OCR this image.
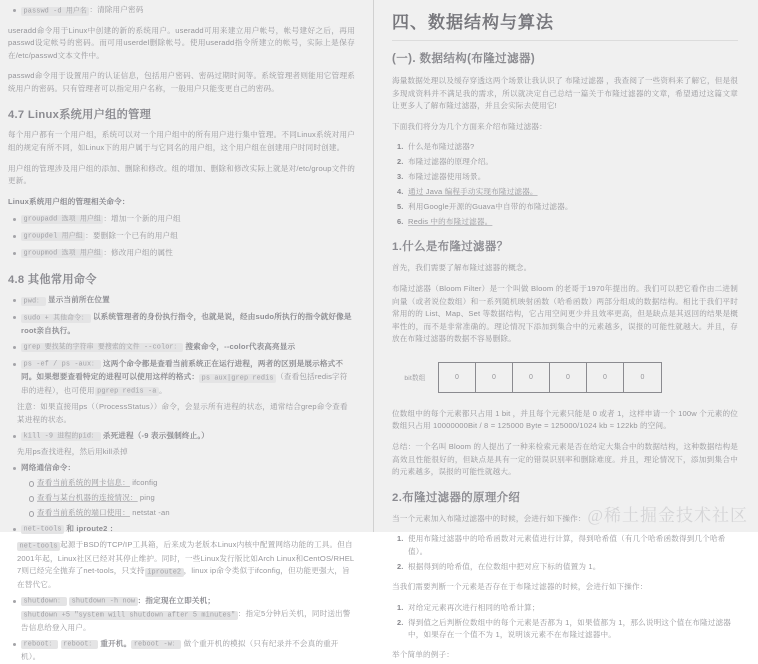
passwd -d 用户名 ：清除用户密码

useradd命令用于Linux中创建的新的系统用户。useradd可用来建立用户帐号，帐号建好之后，再用passwd设定帐号的密码。而可用userdel删除帐号。使用useradd指令所建立的帐号，实际上是保存在/etc/passwd文本文件中。

passwd命令用于设置用户的认证信息，包括用户密码、密码过期时间等。系统管理者则能用它管理系统用户的密码。只有管理者可以指定用户名称，一般用户只能变更自己的密码。

4.7 Linux系统用户组的管理

每个用户都有一个用户组，系统可以对一个用户组中的所有用户进行集中管理。不同Linux系统对用户组的规定有所不同，如Linux下的用户属于与它同名的用户组，这个用户组在创建用户时同时创建。

用户组的管理涉及用户组的添加、删除和修改。组的增加、删除和修改实际上就是对/etc/group文件的更新。

Linux系统用户组的管理相关命令：

groupadd 选项 用户组 ：增加一个新的用户组
groupdel 用户组 ：要删除一个已有的用户组
groupmod 选项 用户组 ：修改用户组的属性
4.8 其他常用命令
pwd： 显示当前所在位置
sudo + 其他命令： 以系统管理者的身份执行指令，也就是说，经由sudo所执行的指令就好像是root亲自执行。
grep 要找某的字符串 要搜索的文件 --color： 搜索命令，--color代表高亮显示
ps -ef / ps -aux： 这两个命令都是查看当前系统正在运行进程，两者的区别是展示格式不同。如果想要查看特定的进程可以使用这样的格式： ps aux|grep redis （查看包括redis字符串的进程），也可使用 pgrep redis -a 。
注意：如果直接用ps（（ProcessStatus））命令，会显示所有进程的状态，通常结合grep命令查看某进程的状态。
kill -9 进程的pid： 杀死进程（-9 表示强制终止。）
先用ps查找进程，然后用kill杀掉
网络通信命令：
查看当前系统的网卡信息： ifconfig
查看与某台机器的连接情况： ping
查看当前系统的端口使用： netstat -an
net-tools 和 iproute2 ：
net-tools 起源于BSD的TCP/IP工具箱，后来成为老版本Linux内核中配置网络功能的工具。但自2001年起，Linux社区已经对其停止维护。同时，一些Linux发行版比如Arch Linux和CentOS/RHEL 7则已经完全抛弃了net-tools，只支持 iproute2 ，linux ip命令类似于ifconfig，但功能更强大，旨在替代它。
shutdown： shutdown -h now ：指定现在立即关机； shutdown +5 "system will shutdown after 5 minutes" ：指定5分钟后关机，同时送出警告信息给登入用户。
reboot： reboot： 重开机。 reboot -w： 做个重开机的模拟（只有纪录并不会真的重开机）。
四、数据结构与算法
(一). 数据结构(布隆过滤器)

海量数据处理以及缓存穿透这两个场景让我认识了 布隆过滤器 ，我查阅了一些资料来了解它，但是很多现成资料并不满足我的需求，所以就决定自己总结一篇关于布隆过滤器的文章，希望通过这篇文章让更多人了解布隆过滤器，并且会实际去使用它!

下面我们将分为几个方面来介绍布隆过滤器：

什么是布隆过滤器?
布隆过滤器的原理介绍。
布隆过滤器使用场景。
通过 Java 编程手动实现布隆过滤器。
利用Google开源的Guava中自带的布隆过滤器。
Redis 中的布隆过滤器。
1.什么是布隆过滤器？

首先，我们需要了解布隆过滤器的概念。

布隆过滤器（Bloom Filter）是一个叫做 Bloom 的老哥于1970年提出的。我们可以把它看作由二进制向量（或者说位数组）和一系列随机映射函数（哈希函数）两部分组成的数据结构。相比于我们平时常用的的 List、Map、Set 等数据结构，它占用空间更少并且效率更高，但是缺点是其返回的结果是概率性的，而不是非常准确的。理论情况下添加到集合中的元素越多，误报的可能性就越大。并且，存放在布隆过滤器的数据不容易删除。

bit数组	0	0	0	0	0	0

位数组中的每个元素都只占用 1 bit ，并且每个元素只能是 0 或者 1，这样申请一个 100w 个元素的位数组只占用 10000000Bit / 8 = 125000 Byte = 125000/1024 kb ≈ 122kb 的空间。

总结：一个名叫 Bloom 的人提出了一种来检索元素是否在给定大集合中的数据结构，这种数据结构是高效且性能很好的，但缺点是具有一定的错误识别率和删除难度。并且，理论情况下，添加到集合中的元素越多，误报的可能性就越大。

2.布隆过滤器的原理介绍

当一个元素加入布隆过滤器中的时候，会进行如下操作：

使用布隆过滤器中的哈希函数对元素值进行计算，得到哈希值（有几个哈希函数得到几个哈希值）。
根据得到的哈希值，在位数组中把对应下标的值置为 1。

当我们需要判断一个元素是否存在于布隆过滤器的时候，会进行如下操作：

对给定元素再次进行相同的哈希计算；
得到值之后判断位数组中的每个元素是否都为 1，如果值都为 1，那么说明这个值在布隆过滤器中，如果存在一个值不为 1，说明该元素不在布隆过滤器中。

举个简单的例子：

@稀土掘金技术社区
